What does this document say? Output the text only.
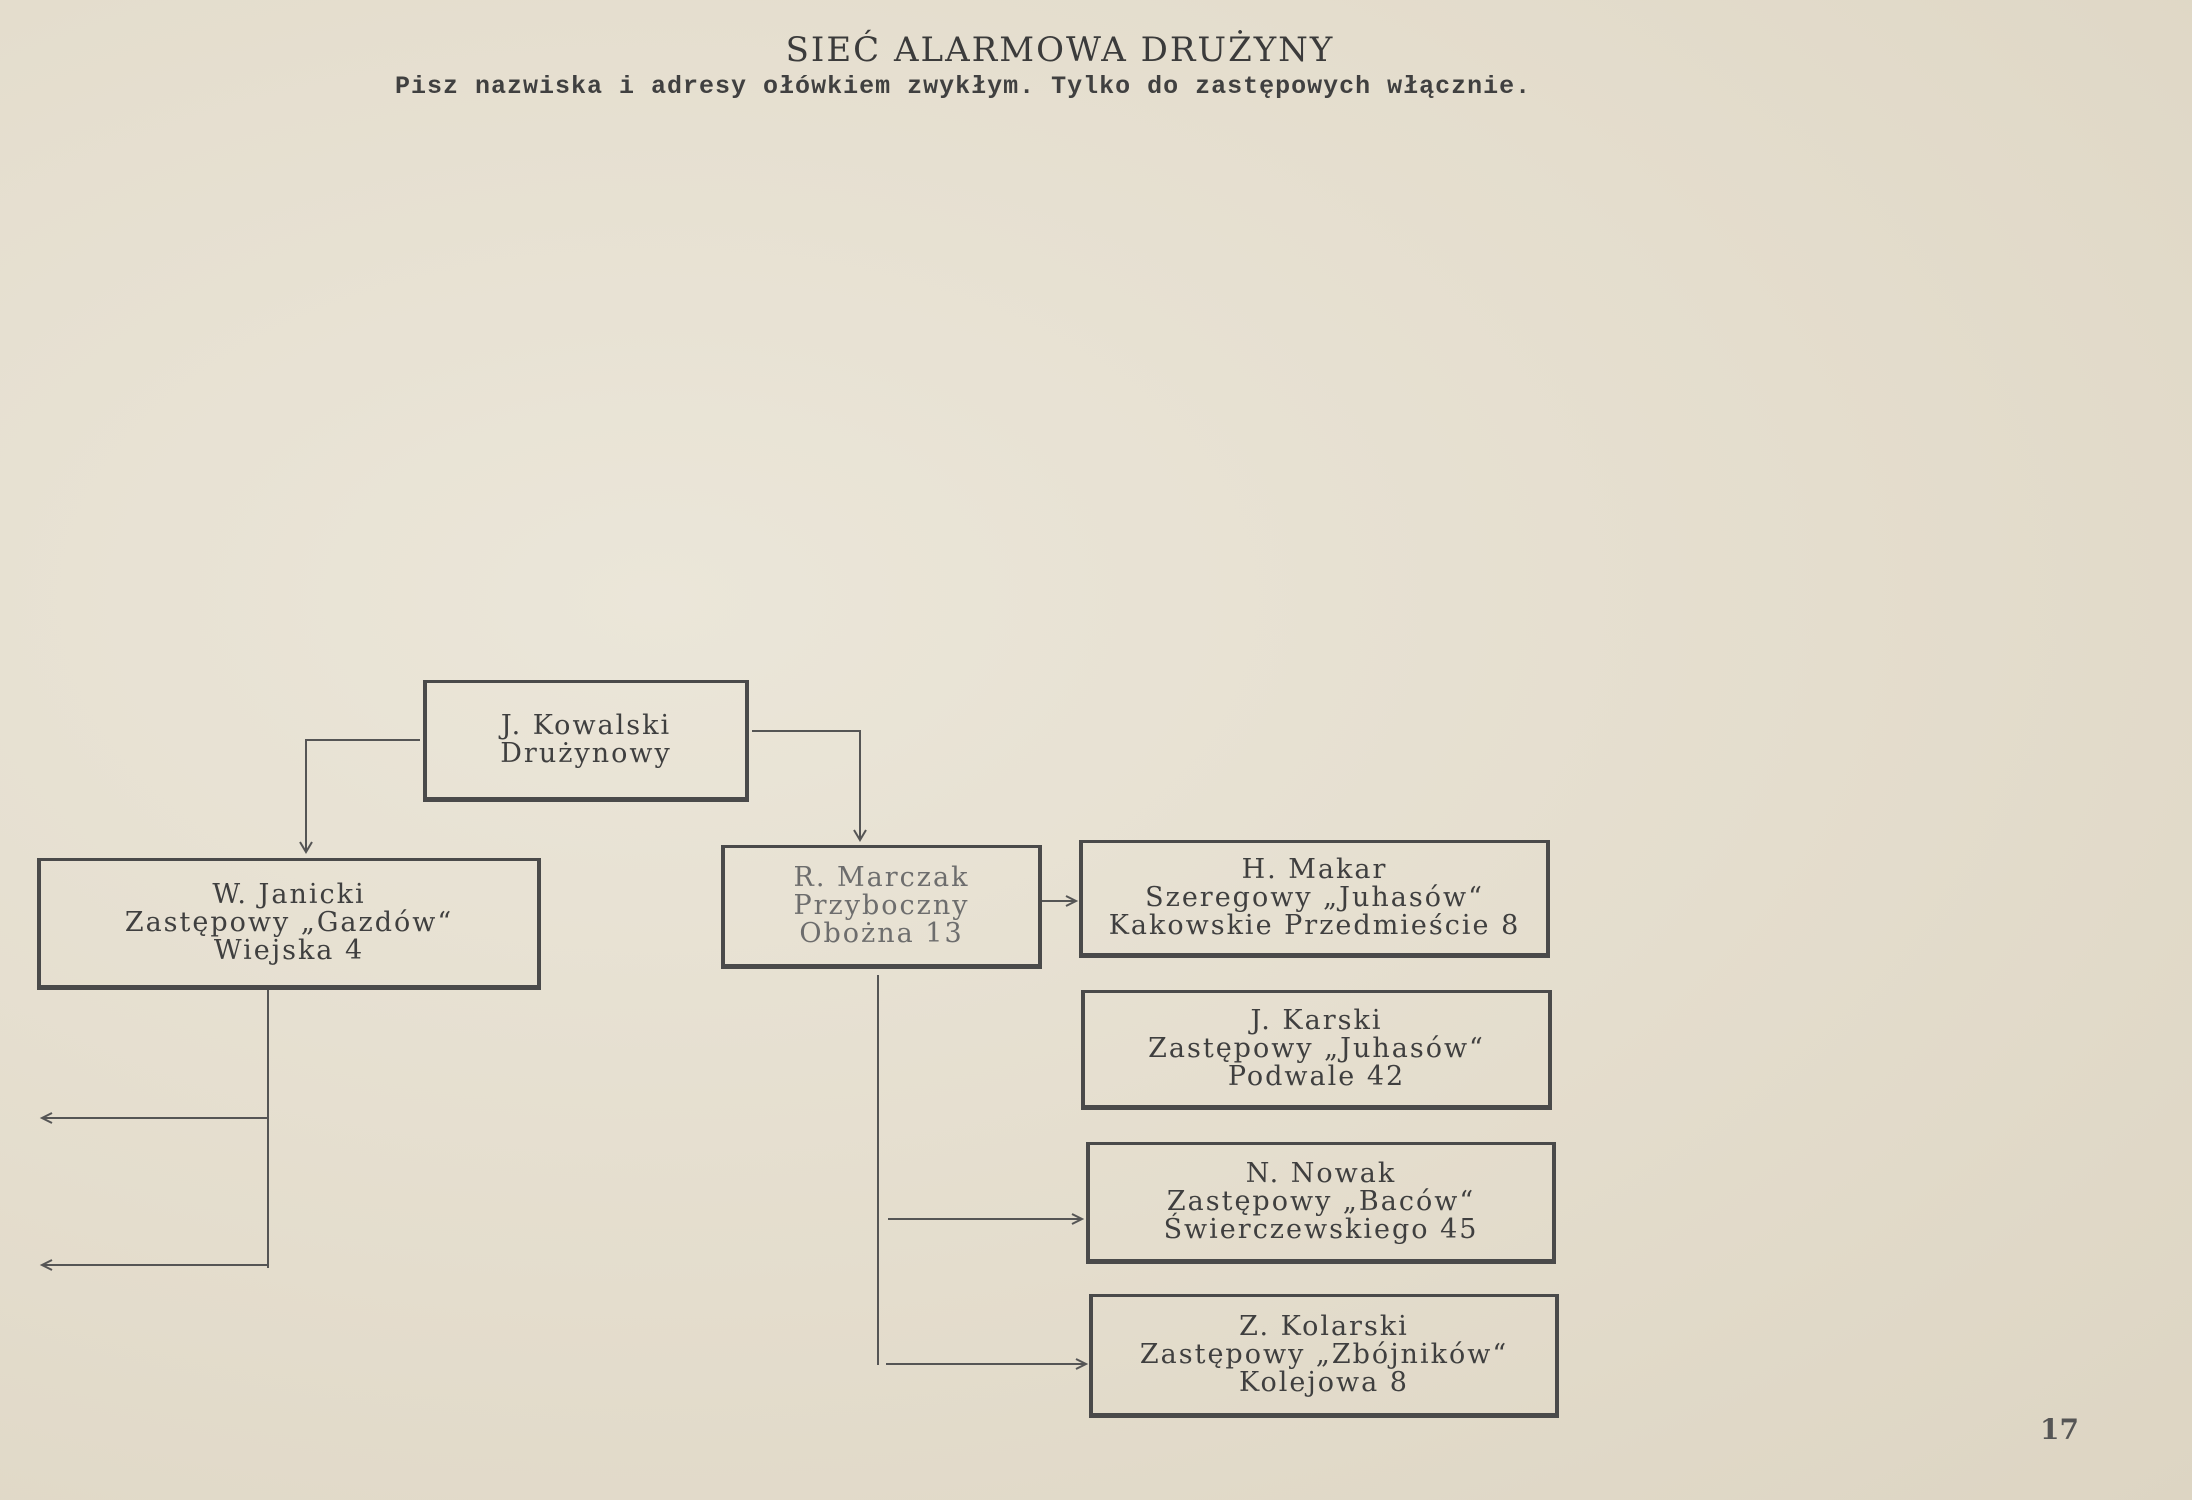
SIEĆ ALARMOWA DRUŻYNY
Pisz nazwiska i adresy ołówkiem zwykłym. Tylko do zastępowych włącznie.
J. Kowalski
Drużynowy
W. Janicki
Zastępowy „Gazdów“
Wiejska 4
R. Marczak
Przyboczny
Obożna 13
H. Makar
Szeregowy „Juhasów“
Kakowskie Przedmieście 8
J. Karski
Zastępowy „Juhasów“
Podwale 42
N. Nowak
Zastępowy „Baców“
Świerczewskiego 45
Z. Kolarski
Zastępowy „Zbójników“
Kolejowa 8
17
